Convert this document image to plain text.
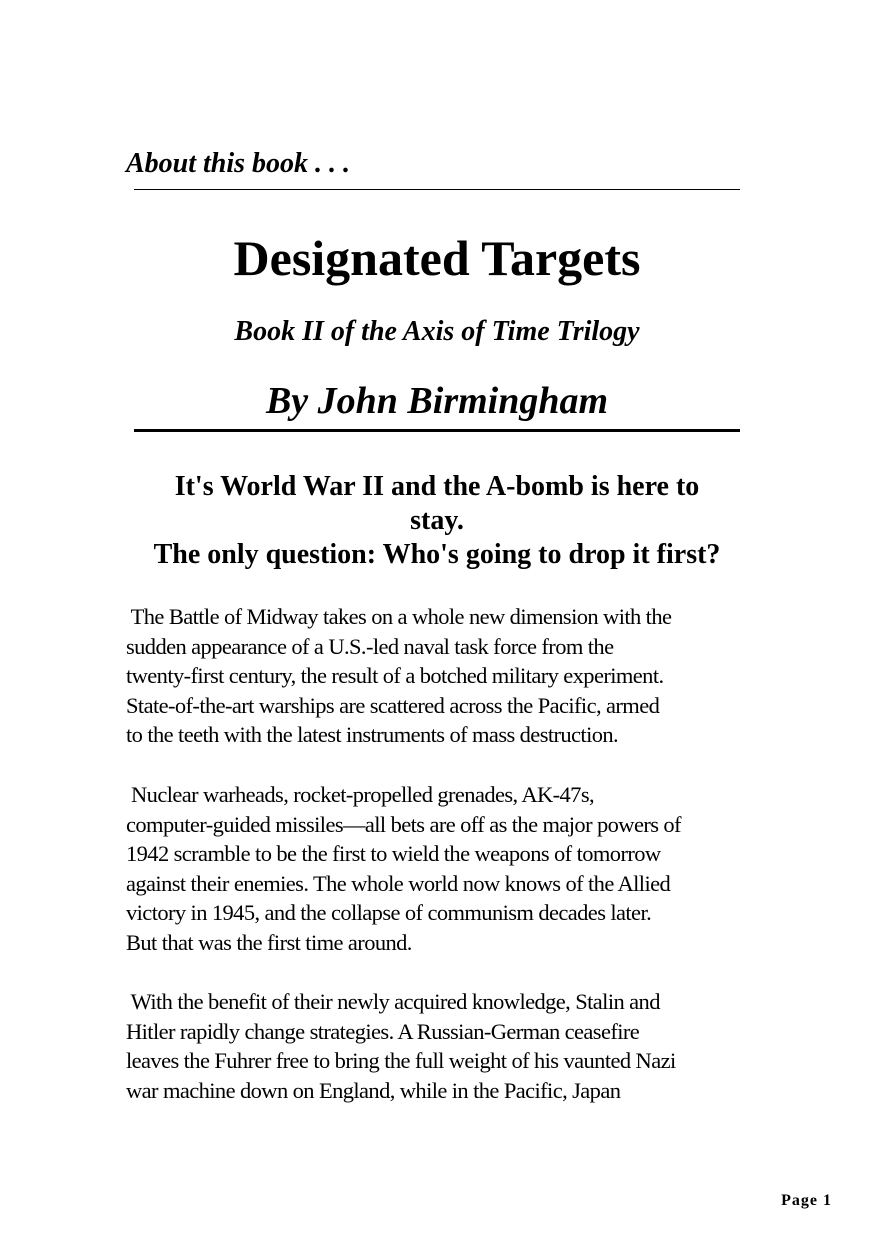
About this book . . .
Designated Targets
Book II of the Axis of Time Trilogy
By John Birmingham
It's World War II and the A-bomb is here to
stay.
The only question: Who's going to drop it first?
The Battle of Midway takes on a whole new dimension with the
sudden appearance of a U.S.-led naval task force from the
twenty-first century, the result of a botched military experiment.
State-of-the-art warships are scattered across the Pacific, armed
to the teeth with the latest instruments of mass destruction.
Nuclear warheads, rocket-propelled grenades, AK-47s,
computer-guided missiles—all bets are off as the major powers of
1942 scramble to be the first to wield the weapons of tomorrow
against their enemies. The whole world now knows of the Allied
victory in 1945, and the collapse of communism decades later.
But that was the first time around.
With the benefit of their newly acquired knowledge, Stalin and
Hitler rapidly change strategies. A Russian-German ceasefire
leaves the Fuhrer free to bring the full weight of his vaunted Nazi
war machine down on England, while in the Pacific, Japan
Page 1
